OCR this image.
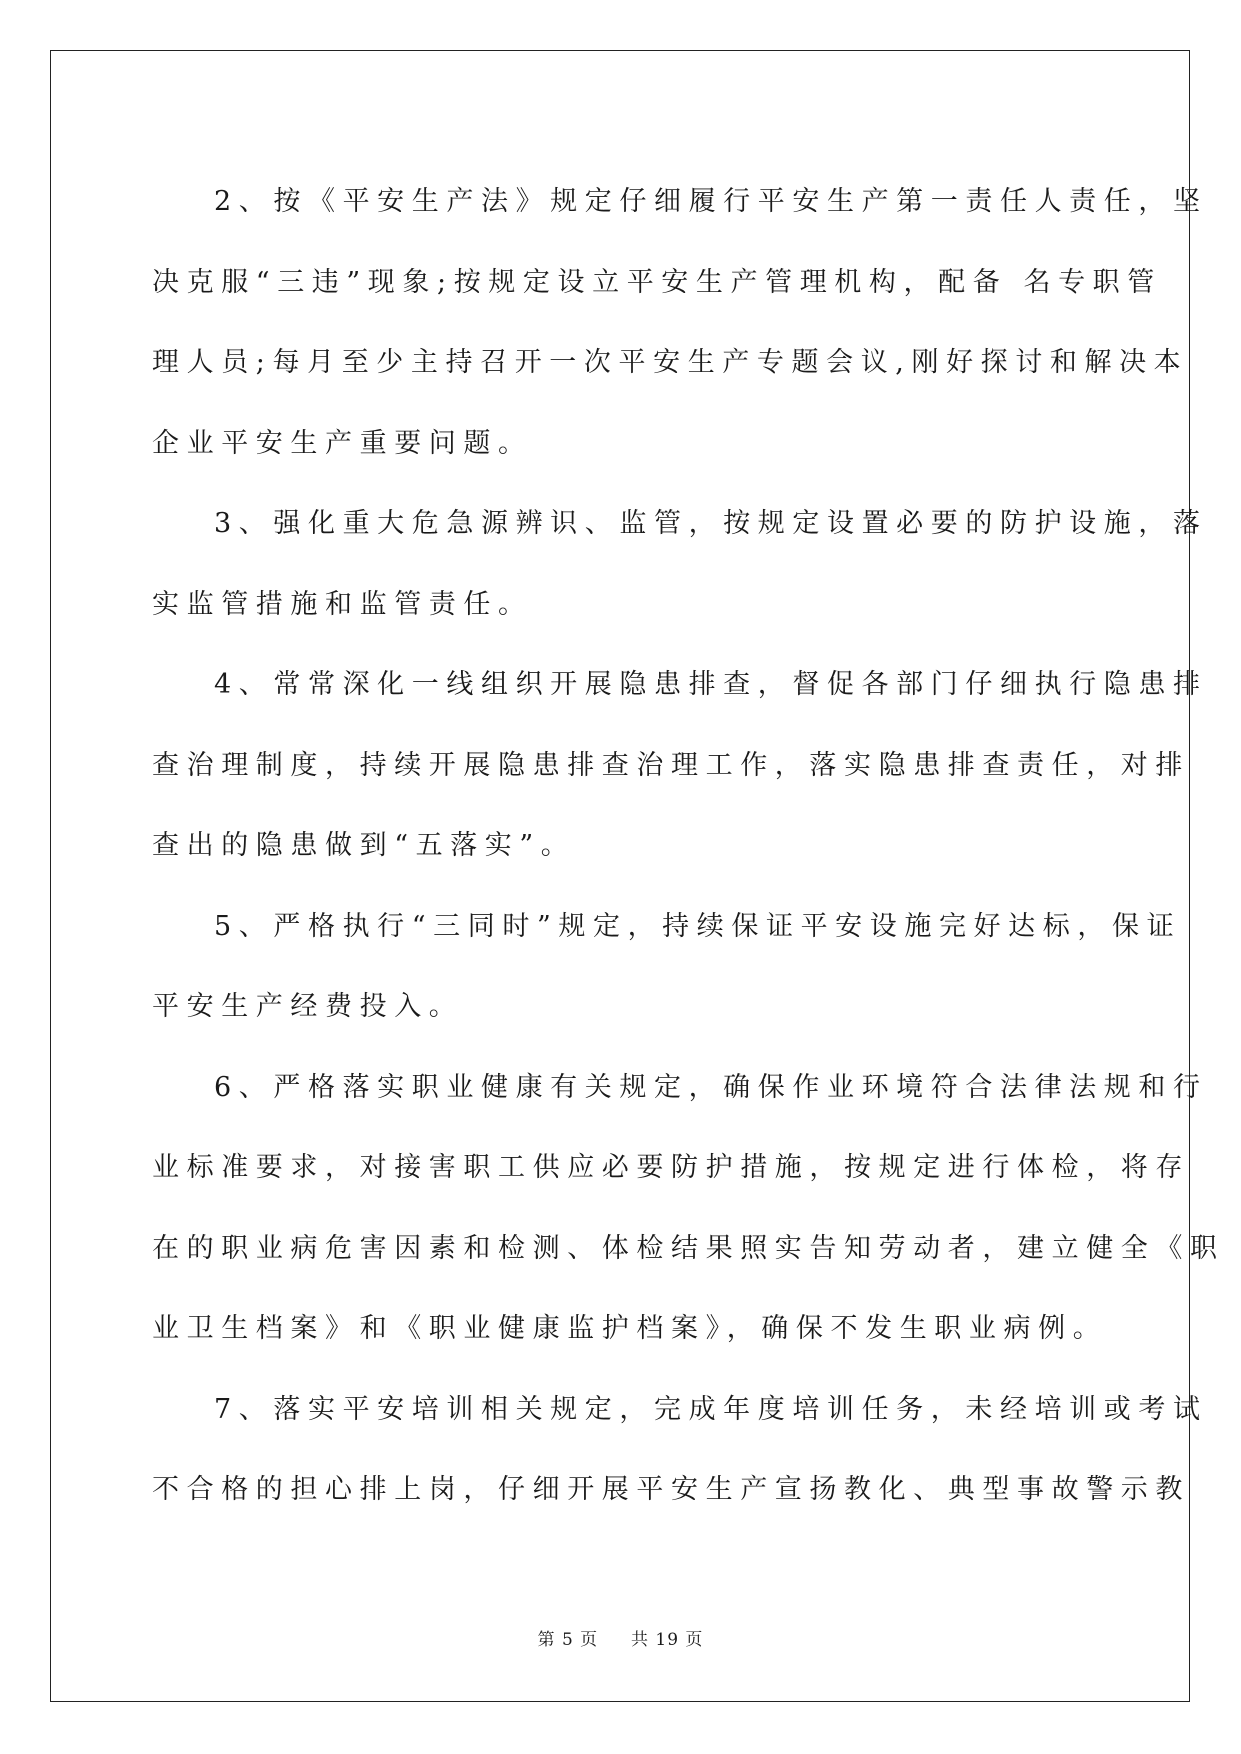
2、按《平安生产法》规定仔细履行平安生产第一责任人责任，坚
决克服“三违”现象;按规定设立平安生产管理机构，配备 名专职管
理人员;每月至少主持召开一次平安生产专题会议,刚好探讨和解决本
企业平安生产重要问题。
3、强化重大危急源辨识、监管，按规定设置必要的防护设施，落
实监管措施和监管责任。
4、常常深化一线组织开展隐患排查，督促各部门仔细执行隐患排
查治理制度，持续开展隐患排查治理工作，落实隐患排查责任，对排
查出的隐患做到“五落实”。
5、严格执行“三同时”规定，持续保证平安设施完好达标，保证
平安生产经费投入。
6、严格落实职业健康有关规定，确保作业环境符合法律法规和行
业标准要求，对接害职工供应必要防护措施，按规定进行体检，将存
在的职业病危害因素和检测、体检结果照实告知劳动者，建立健全《职
业卫生档案》和《职业健康监护档案》，确保不发生职业病例。
7、落实平安培训相关规定，完成年度培训任务，未经培训或考试
不合格的担心排上岗，仔细开展平安生产宣扬教化、典型事故警示教
第 5 页 共 19 页
